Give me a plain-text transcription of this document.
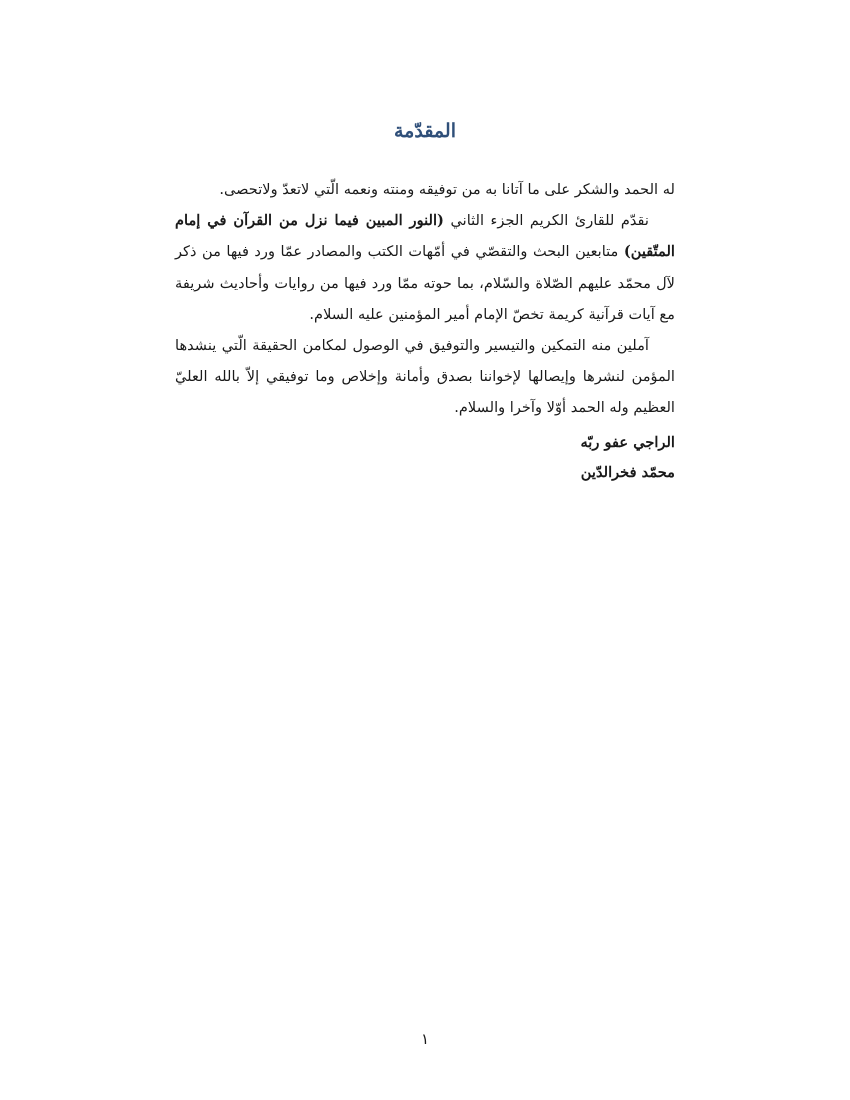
المقدّمة

له الحمد والشكر على ما آتانا به من توفيقه ومنته ونعمه الّتي لاتعدّ ولاتحصى.

نقدّم للقارئ الكريم الجزء الثاني (النور المبين فيما نزل من القرآن في إمام المتّقين) متابعين البحث والتقصّي في أمّهات الكتب والمصادر عمّا ورد فيها من ذكر لآل محمّد عليهم الصّلاة والسّلام، بما حوته ممّا ورد فيها من روايات وأحاديث شريفة مع آيات قرآنية كريمة تخصّ الإمام أمير المؤمنين عليه السلام.

آملين منه التمكين والتيسير والتوفيق في الوصول لمكامن الحقيقة الّتي ينشدها المؤمن لنشرها وإيصالها لإخواننا بصدق وأمانة وإخلاص وما توفيقي إلاّ بالله العليّ العظيم وله الحمد أوّلا وآخرا والسلام.

الراجي عفو ربّه
محمّد فخرالدّين
١
